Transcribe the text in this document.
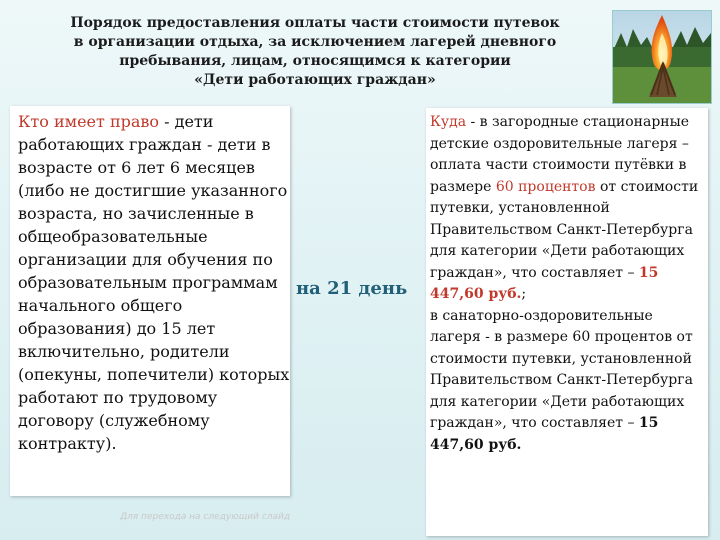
Порядок предоставления оплаты части стоимости путевок
в организации отдыха, за исключением лагерей дневного
пребывания, лицам, относящимся к категории
«Дети работающих граждан»
Кто имеет право - дети работающих граждан - дети в возрасте от 6 лет 6 месяцев (либо не достигшие указанного возраста, но зачисленные в общеобразовательные организации для обучения по образовательным программам начального общего образования) до 15 лет включительно, родители (опекуны, попечители) которых работают по трудовому договору (служебному контракту).
на 21 день

Куда - в загородные стационарные детские оздоровительные лагеря – оплата части стоимости путёвки в размере 60 процентов от стоимости путевки, установленной Правительством Санкт-Петербурга для категории «Дети работающих граждан», что составляет – 15 447,60 руб.;

в санаторно-оздоровительные лагеря - в размере 60 процентов от стоимости путевки, установленной Правительством Санкт-Петербурга для категории «Дети работающих граждан», что составляет – 15 447,60 руб.

Для перехода на следующий слайд
